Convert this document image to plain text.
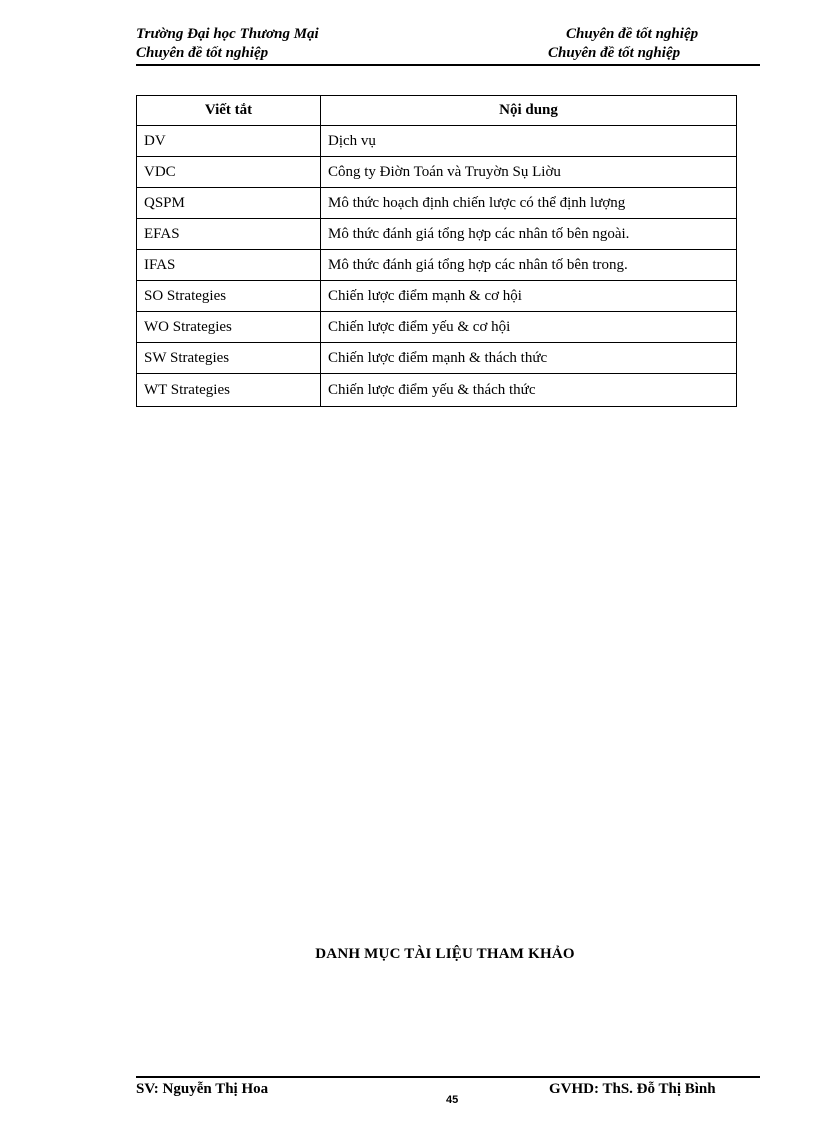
Trường Đại học Thương Mại	Chuyên đề tốt nghiệp
Chuyên đề tốt nghiệp	Chuyên đề tốt nghiệp
Viết tắt	Nội dung
DV	Dịch vụ
VDC	Công ty Điờn Toán và Truyờn Sụ Liờu
QSPM	Mô thức hoạch định chiến lược có thể định lượng
EFAS	Mô thức đánh giá tổng hợp các nhân tố bên ngoài.
IFAS	Mô thức đánh giá tổng hợp các nhân tố bên trong.
SO Strategies	Chiến lược điểm mạnh & cơ hội
WO Strategies	Chiến lược điểm yếu & cơ hội
SW Strategies	Chiến lược điểm mạnh & thách thức
WT Strategies	Chiến lược điểm yếu & thách thức
DANH MỤC TÀI LIỆU THAM KHẢO
SV: Nguyễn Thị Hoa
45
GVHD: ThS. Đỗ Thị Bình
